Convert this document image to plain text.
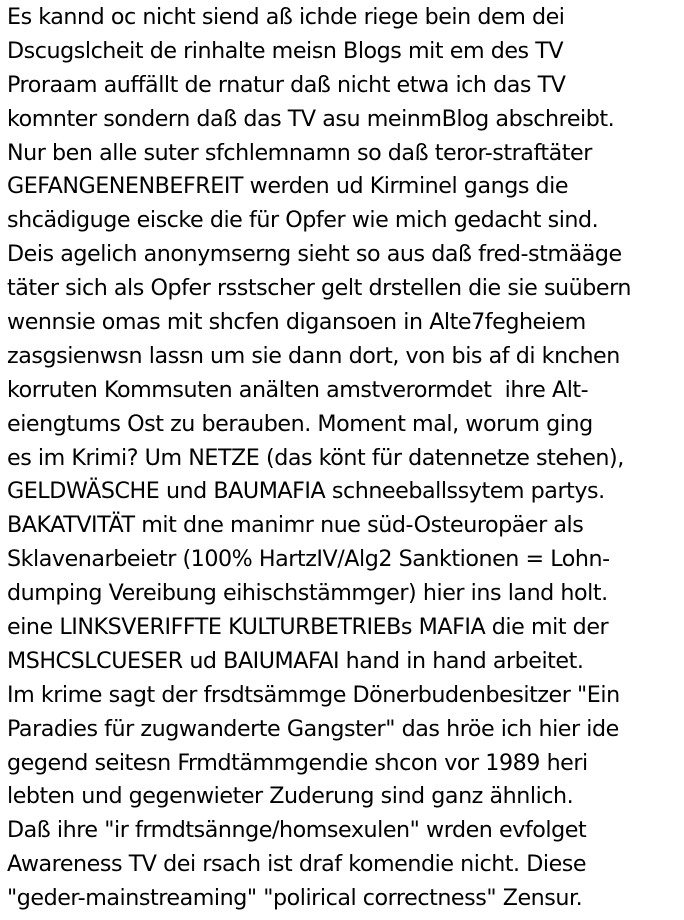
Es kannd oc nicht siend aß ichde riege bein dem dei
Dscugslcheit de rinhalte meisn Blogs mit em des TV
Proraam auffällt de rnatur daß nicht etwa ich das TV
komnter sondern daß das TV asu meinmBlog abschreibt.
Nur ben alle suter sfchlemnamn so daß teror-straftäter
GEFANGENENBEFREIT werden ud Kirminel gangs die
shcädiguge eiscke die für Opfer wie mich gedacht sind.
Deis agelich anonymserng sieht so aus daß fred-stmääge
täter sich als Opfer rsstscher gelt drstellen die sie suübern
wennsie omas mit shcfen digansoen in Alte7fegheiem
zasgsienwsn lassn um sie dann dort, von bis af di knchen
korruten Kommsuten anälten amstverormdet  ihre Alt-
eiengtums Ost zu berauben. Moment mal, worum ging
es im Krimi? Um NETZE (das könt für datennetze stehen),
GELDWÄSCHE und BAUMAFIA schneeballssytem partys.
BAKATVITÄT mit dne manimr nue süd-Osteuropäer als
Sklavenarbeietr (100% HartzIV/Alg2 Sanktionen = Lohn-
dumping Vereibung eihischstämmger) hier ins land holt.
eine LINKSVERIFFTE KULTURBETRIEBs MAFIA die mit der
MSHCSLCUESER ud BAIUMAFAI hand in hand arbeitet.
Im krime sagt der frsdtsämmge Dönerbudenbesitzer "Ein
Paradies für zugwanderte Gangster" das hröe ich hier ide
gegend seitesn Frmdtämmgendie shcon vor 1989 heri
lebten und gegenwieter Zuderung sind ganz ähnlich.
Daß ihre "ir frmdtsännge/homsexulen" wrden evfolget
Awareness TV dei rsach ist draf komendie nicht. Diese
"geder-mainstreaming" "polirical correctness" Zensur.
